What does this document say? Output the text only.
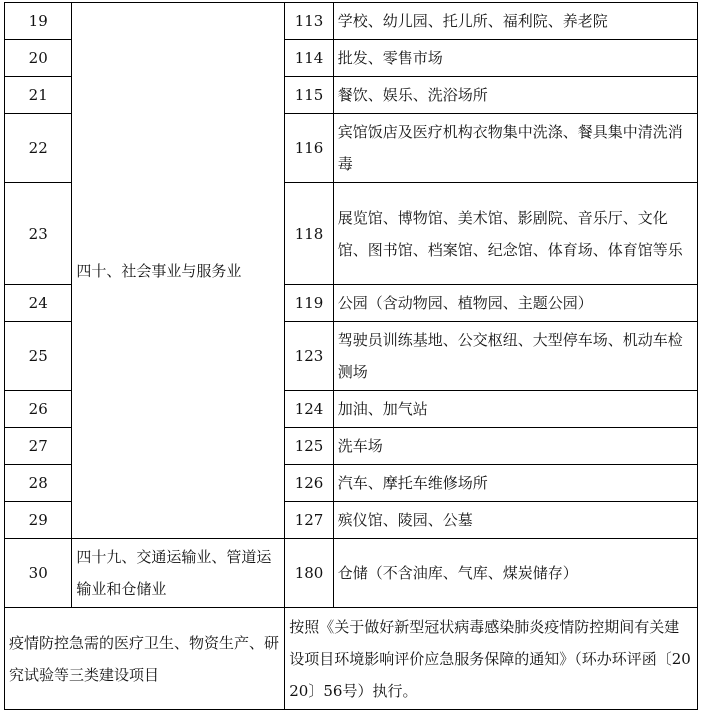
19	四十、社会事业与服务业	113	学校、幼儿园、托儿所、福利院、养老院
20		114	批发、零售市场
21		115	餐饮、娱乐、洗浴场所
22		116	宾馆饭店及医疗机构衣物集中洗涤、餐具集中清洗消毒
23		118	展览馆、博物馆、美术馆、影剧院、音乐厅、文化馆、图书馆、档案馆、纪念馆、体育场、体育馆等乐
24		119	公园（含动物园、植物园、主题公园）
25		123	驾驶员训练基地、公交枢纽、大型停车场、机动车检测场
26		124	加油、加气站
27		125	洗车场
28		126	汽车、摩托车维修场所
29		127	殡仪馆、陵园、公墓
30	四十九、交通运输业、管道运输业和仓储业	180	仓储（不含油库、气库、煤炭储存）
疫情防控急需的医疗卫生、物资生产、研究试验等三类建设项目		按照《关于做好新型冠状病毒感染肺炎疫情防控期间有关建设项目环境影响评价应急服务保障的通知》（环办环评函〔2020〕56号）执行。	
